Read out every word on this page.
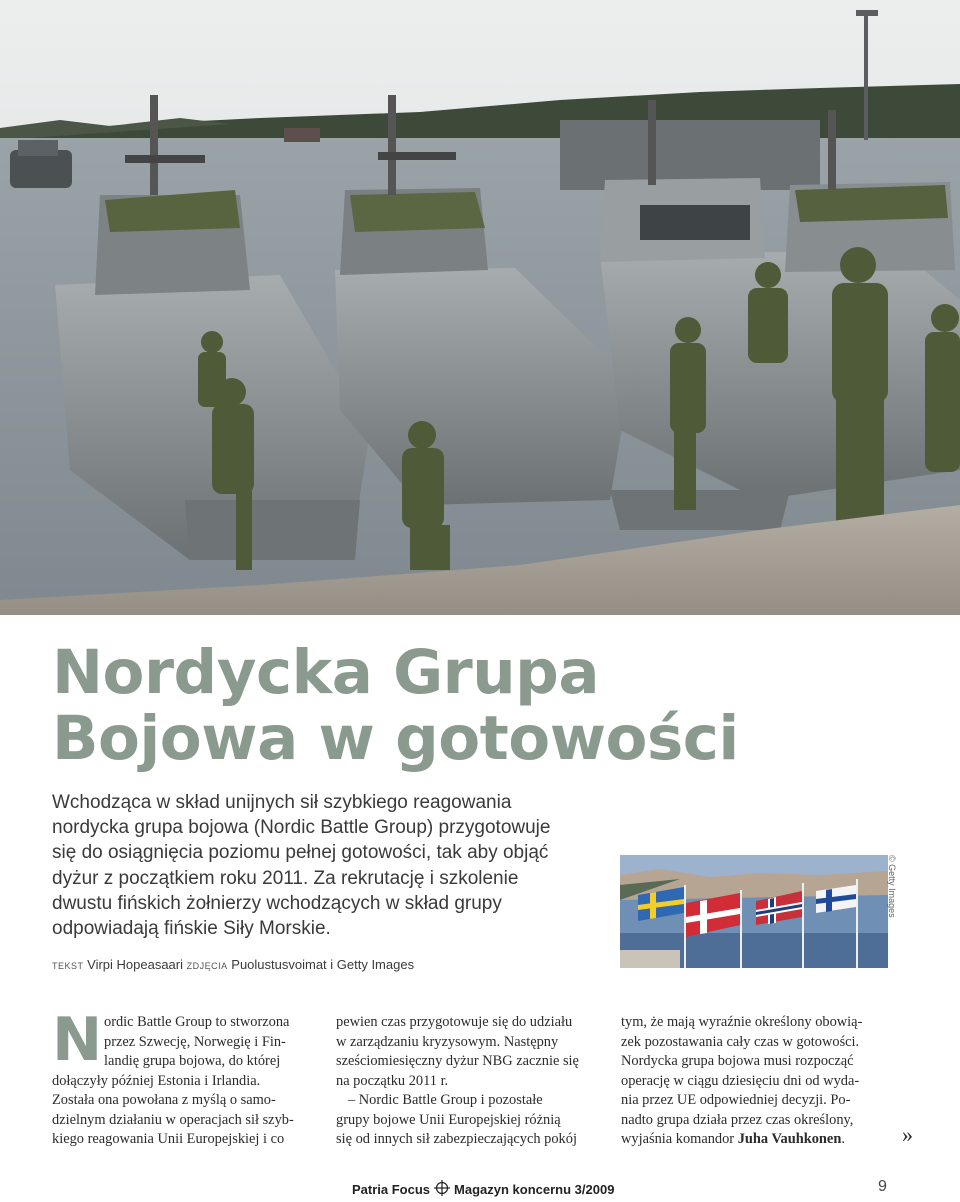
Nordycka Grupa
Bojowa w gotowości
Wchodząca w skład unijnych sił szybkiego reagowania
nordycka grupa bojowa (Nordic Battle Group) przygotowuje
się do osiągnięcia poziomu pełnej gotowości, tak aby objąć
dyżur z początkiem roku 2011. Za rekrutację i szkolenie
dwustu fińskich żołnierzy wchodzących w skład grupy
odpowiadają fińskie Siły Morskie.
TEKST Virpi Hopeasaari ZDJĘCIA Puolustusvoimat i Getty Images
© Getty Images
N ordic Battle Group to stworzona
przez Szwecję, Norwegię i Fin-
landię grupa bojowa, do której
dołączyły później Estonia i Irlandia.
Została ona powołana z myślą o samo-
dzielnym działaniu w operacjach sił szyb-
kiego reagowania Unii Europejskiej i co
pewien czas przygotowuje się do udziału
w zarządzaniu kryzysowym. Następny
sześciomiesięczny dyżur NBG zacznie się
na początku 2011 r.
– Nordic Battle Group i pozostałe
grupy bojowe Unii Europejskiej różnią
się od innych sił zabezpieczających pokój
tym, że mają wyraźnie określony obowią-
zek pozostawania cały czas w gotowości.
Nordycka grupa bojowa musi rozpocząć
operację w ciągu dziesięciu dni od wyda-
nia przez UE odpowiedniej decyzji. Po-
nadto grupa działa przez czas określony,
wyjaśnia komandor Juha Vauhkonen.	»
Patria Focus Magazyn koncernu 3/2009	9
